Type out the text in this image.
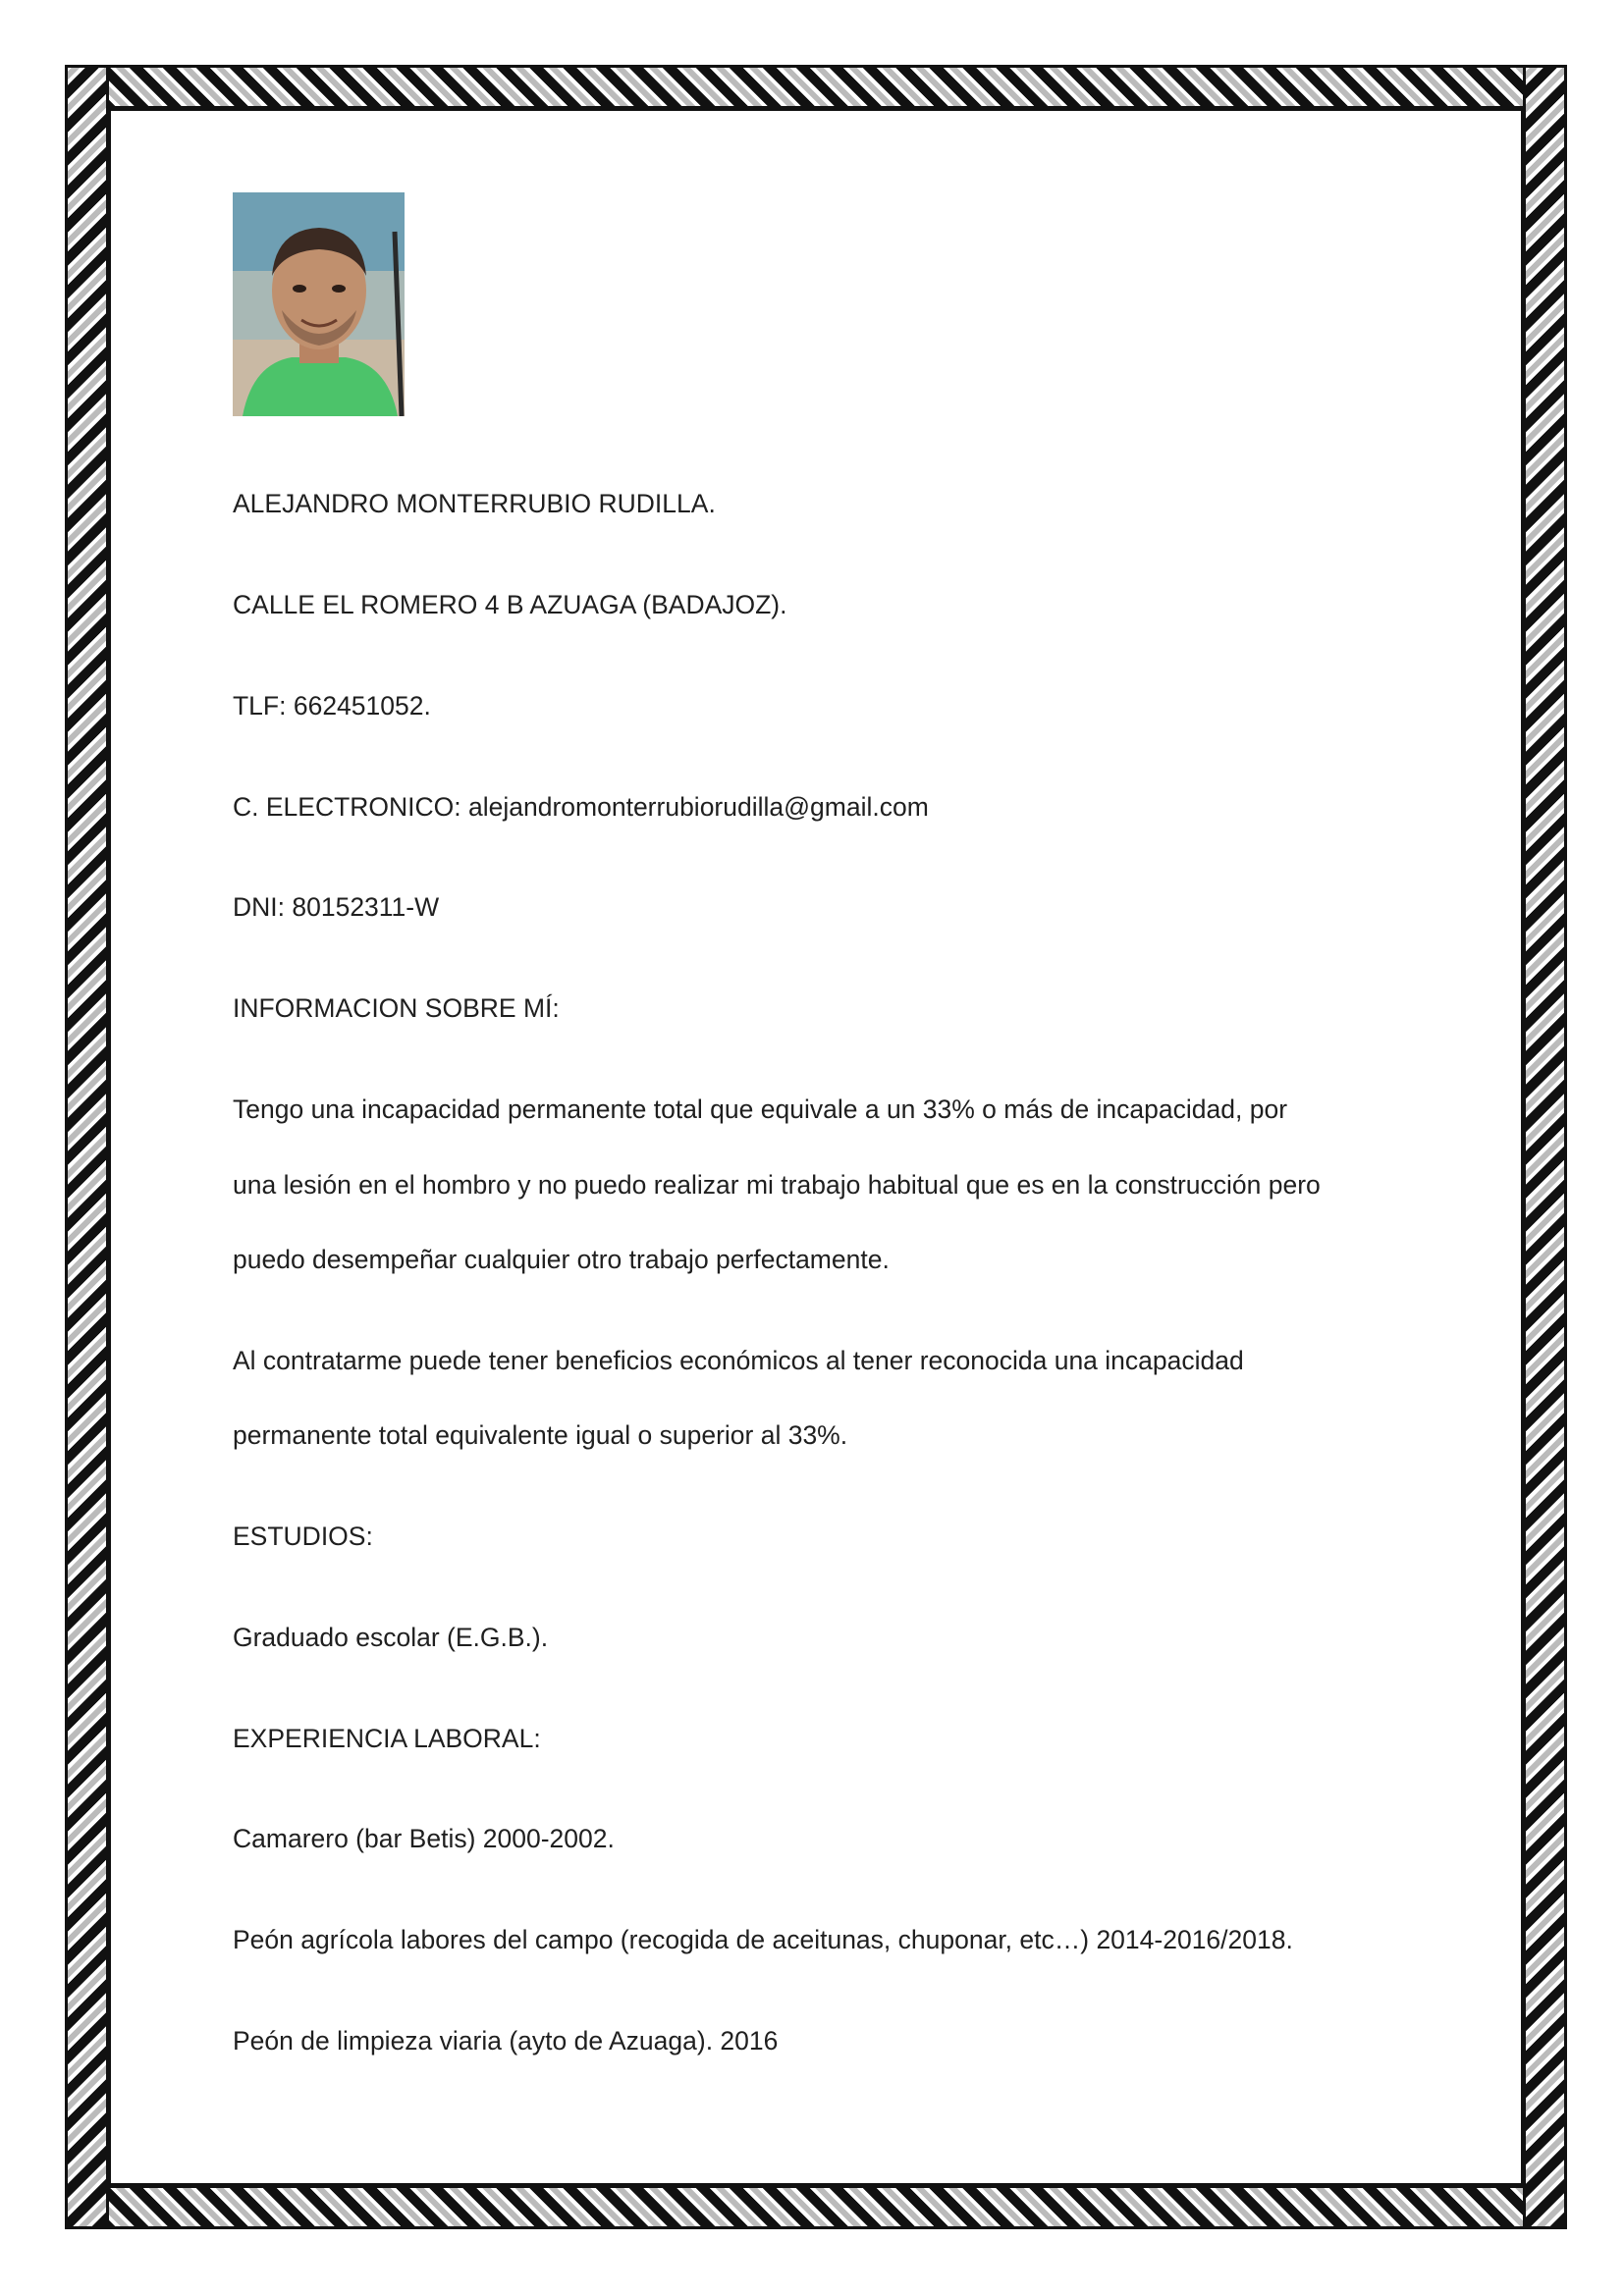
ALEJANDRO MONTERRUBIO RUDILLA.
CALLE EL ROMERO 4 B AZUAGA (BADAJOZ).
TLF: 662451052.
C. ELECTRONICO: alejandromonterrubiorudilla@gmail.com
DNI: 80152311-W
INFORMACION SOBRE MÍ:
Tengo una incapacidad permanente total que equivale a un 33% o más de incapacidad, por
una lesión en el hombro y no puedo realizar mi trabajo habitual que es en la construcción pero
puedo desempeñar cualquier otro trabajo perfectamente.
Al contratarme puede tener beneficios económicos al tener reconocida una incapacidad
permanente total equivalente igual o superior al 33%.
ESTUDIOS:
Graduado escolar (E.G.B.).
EXPERIENCIA LABORAL:
Camarero (bar Betis) 2000-2002.
Peón agrícola labores del campo (recogida de aceitunas, chuponar, etc…) 2014-2016/2018.
Peón de limpieza viaria (ayto de Azuaga). 2016
